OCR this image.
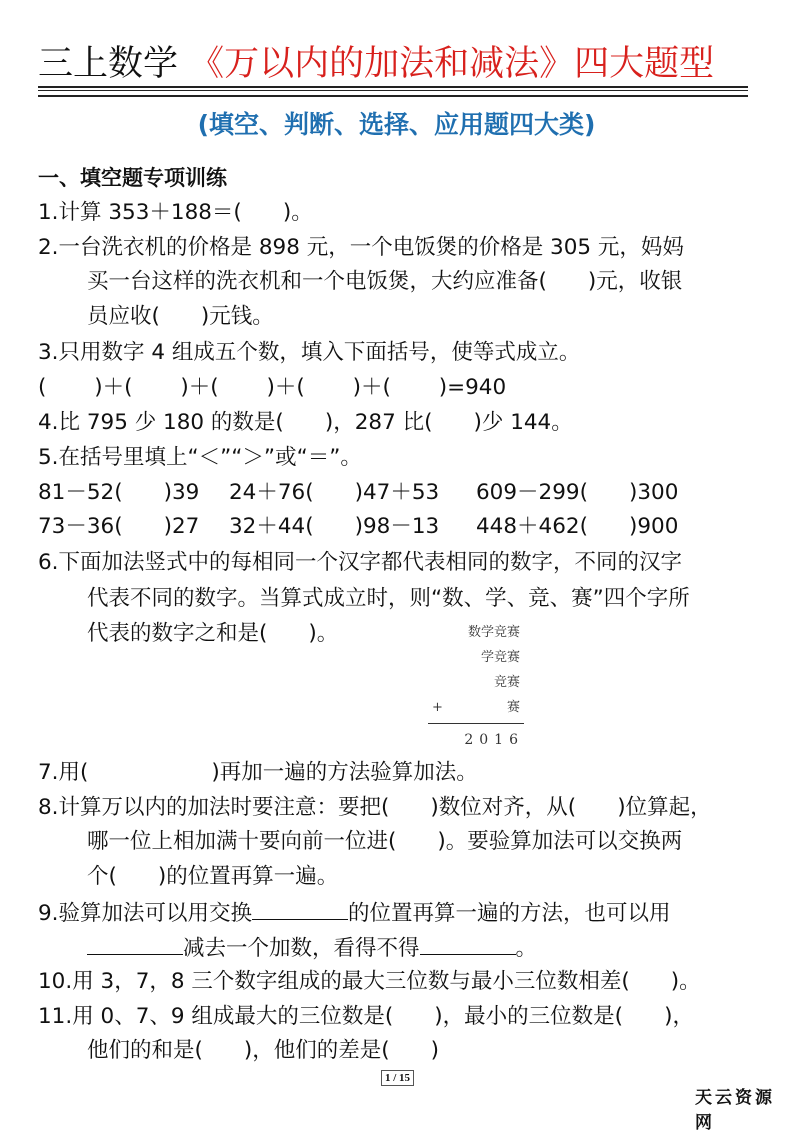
三上数学 《万以内的加法和减法》四大题型
(填空、判断、选择、应用题四大类)
一、填空题专项训练
1.计算 353＋188＝(      )。
2.一台洗衣机的价格是 898 元，一个电饭煲的价格是 305 元，妈妈
买一台这样的洗衣机和一个电饭煲，大约应准备(      )元，收银
员应收(      )元钱。
3.只用数字 4 组成五个数，填入下面括号，使等式成立。
(       )＋(       )＋(       )＋(       )＋(       )=940
4.比 795 少 180 的数是(      )，287 比(      )少 144。
5.在括号里填上“＜”“＞”或“＝”。
81－52(      )39 24＋76(      )47＋53 609－299(      )300
73－36(      )27 32＋44(      )98－13 448＋462(      )900
6.下面加法竖式中的每相同一个汉字都代表相同的数字，不同的汉字
代表不同的数字。当算式成立时，则“数、学、竞、赛”四个字所
代表的数字之和是(      )。	数学竞赛
学竞赛
竞赛
+	赛
2016
7.用(                  )再加一遍的方法验算加法。
8.计算万以内的加法时要注意：要把(      )数位对齐，从(      )位算起，
哪一位上相加满十要向前一位进(      )。要验算加法可以交换两
个(      )的位置再算一遍。
9.验算加法可以用交换	的位置再算一遍的方法，也可以用
减去一个加数，看得不得	。
10.用 3，7，8 三个数字组成的最大三位数与最小三位数相差(      )。
11.用 0、7、9 组成最大的三位数是(      )，最小的三位数是(      )，
他们的和是(      )，他们的差是(      )
1 / 15
天云资源网
